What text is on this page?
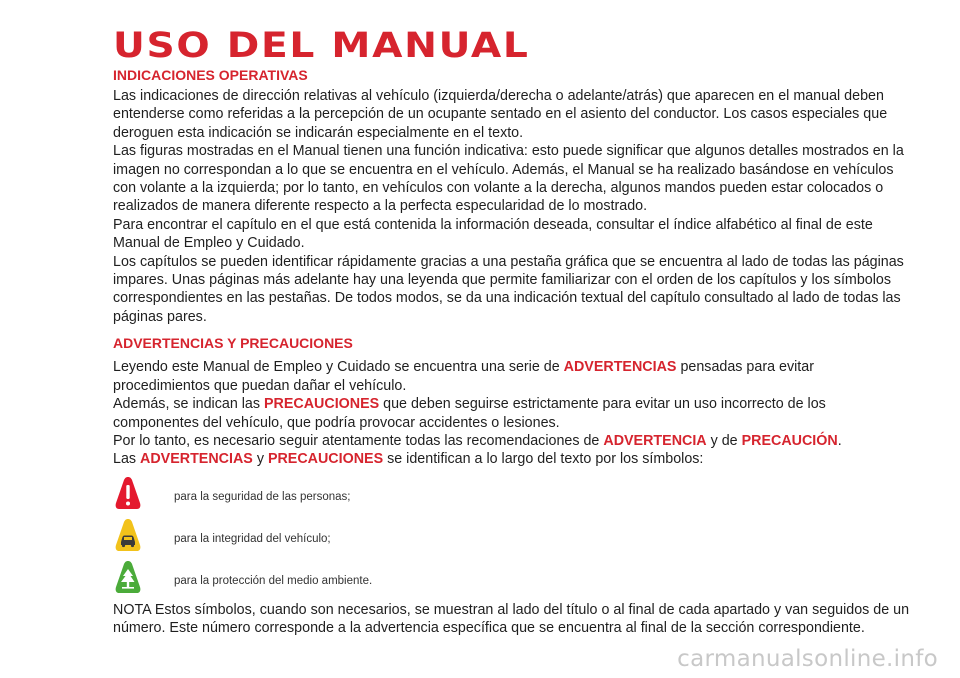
USO DEL MANUAL
INDICACIONES OPERATIVAS

Las indicaciones de dirección relativas al vehículo (izquierda/derecha o adelante/atrás) que aparecen en el manual deben entenderse como referidas a la percepción de un ocupante sentado en el asiento del conductor. Los casos especiales que deroguen esta indicación se indicarán especialmente en el texto.

Las figuras mostradas en el Manual tienen una función indicativa: esto puede significar que algunos detalles mostrados en la imagen no correspondan a lo que se encuentra en el vehículo. Además, el Manual se ha realizado basándose en vehículos con volante a la izquierda; por lo tanto, en vehículos con volante a la derecha, algunos mandos pueden estar colocados o realizados de manera diferente respecto a la perfecta especularidad de lo mostrado.

Para encontrar el capítulo en el que está contenida la información deseada, consultar el índice alfabético al final de este Manual de Empleo y Cuidado.

Los capítulos se pueden identificar rápidamente gracias a una pestaña gráfica que se encuentra al lado de todas las páginas impares. Unas páginas más adelante hay una leyenda que permite familiarizar con el orden de los capítulos y los símbolos correspondientes en las pestañas. De todos modos, se da una indicación textual del capítulo consultado al lado de todas las páginas pares.

ADVERTENCIAS Y PRECAUCIONES

Leyendo este Manual de Empleo y Cuidado se encuentra una serie de ADVERTENCIAS pensadas para evitar procedimientos que puedan dañar el vehículo.

Además, se indican las PRECAUCIONES que deben seguirse estrictamente para evitar un uso incorrecto de los componentes del vehículo, que podría provocar accidentes o lesiones.

Por lo tanto, es necesario seguir atentamente todas las recomendaciones de ADVERTENCIA y de PRECAUCIÓN.

Las ADVERTENCIAS y PRECAUCIONES se identifican a lo largo del texto por los símbolos:

para la seguridad de las personas;
para la integridad del vehículo;
para la protección del medio ambiente.

NOTA Estos símbolos, cuando son necesarios, se muestran al lado del título o al final de cada apartado y van seguidos de un número. Este número corresponde a la advertencia específica que se encuentra al final de la sección correspondiente.

carmanualsonline.info
